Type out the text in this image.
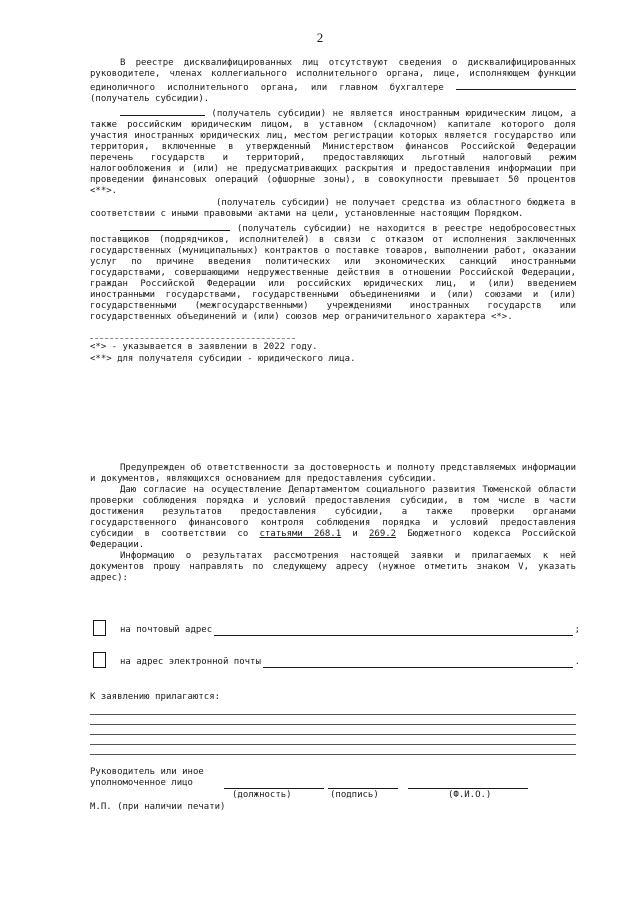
2

В реестре дисквалифицированных лиц отсутствуют сведения о дисквалифицированных руководителе, членах коллегиального исполнительного органа, лице, исполняющем функции единоличного исполнительного органа, или главном бухгалтере  (получатель субсидии).

(получатель субсидии) не является иностранным юридическим лицом, а также российским юридическим лицом, в уставном (складочном) капитале которого доля участия иностранных юридических лиц, местом регистрации которых является государство или территория, включенные в утвержденный Министерством финансов Российской Федерации перечень государств и территорий, предоставляющих льготный налоговый режим налогообложения и (или) не предусматривающих раскрытия и предоставления информации при проведении финансовых операций (офшорные зоны), в совокупности превышает 50 процентов <**>.

(получатель субсидии) не получает средства из областного бюджета в соответствии с иными правовыми актами на цели, установленные настоящим Порядком.

(получатель субсидии) не находится в реестре недобросовестных поставщиков (подрядчиков, исполнителей) в связи с отказом от исполнения заключенных государственных (муниципальных) контрактов о поставке товаров, выполнении работ, оказании услуг по причине введения политических или экономических санкций иностранными государствами, совершающими недружественные действия в отношении Российской Федерации, граждан Российской Федерации или российских юридических лиц, и (или) введением иностранными государствами, государственными объединениями и (или) союзами и (или) государственными (межгосударственными) учреждениями иностранных государств или государственных объединений и (или) союзов мер ограничительного характера <*>.

<*> - указывается в заявлении в 2022 году.

<**> для получателя субсидии - юридического лица.

Предупрежден об ответственности за достоверность и полноту представляемых информации и документов, являющихся основанием для предоставления субсидии.

Даю согласие на осуществление Департаментом социального развития Тюменской области проверки соблюдения порядка и условий предоставления субсидии, в том числе в части достижения результатов предоставления субсидии, а также проверки органами государственного финансового контроля соблюдения порядка и условий предоставления субсидии в соответствии со статьями 268.1 и 269.2 Бюджетного кодекса Российской Федерации.

Информацию о результатах рассмотрения настоящей заявки и прилагаемых к ней документов прошу направлять по следующему адресу (нужное отметить знаком V, указать адрес):

на почтовый адрес	;
на адрес электронной почты	.
К заявлению прилагаются:
Руководитель или иное
уполномоченное лицо
(должность)	(подпись)	(Ф.И.О.)
М.П. (при наличии печати)
